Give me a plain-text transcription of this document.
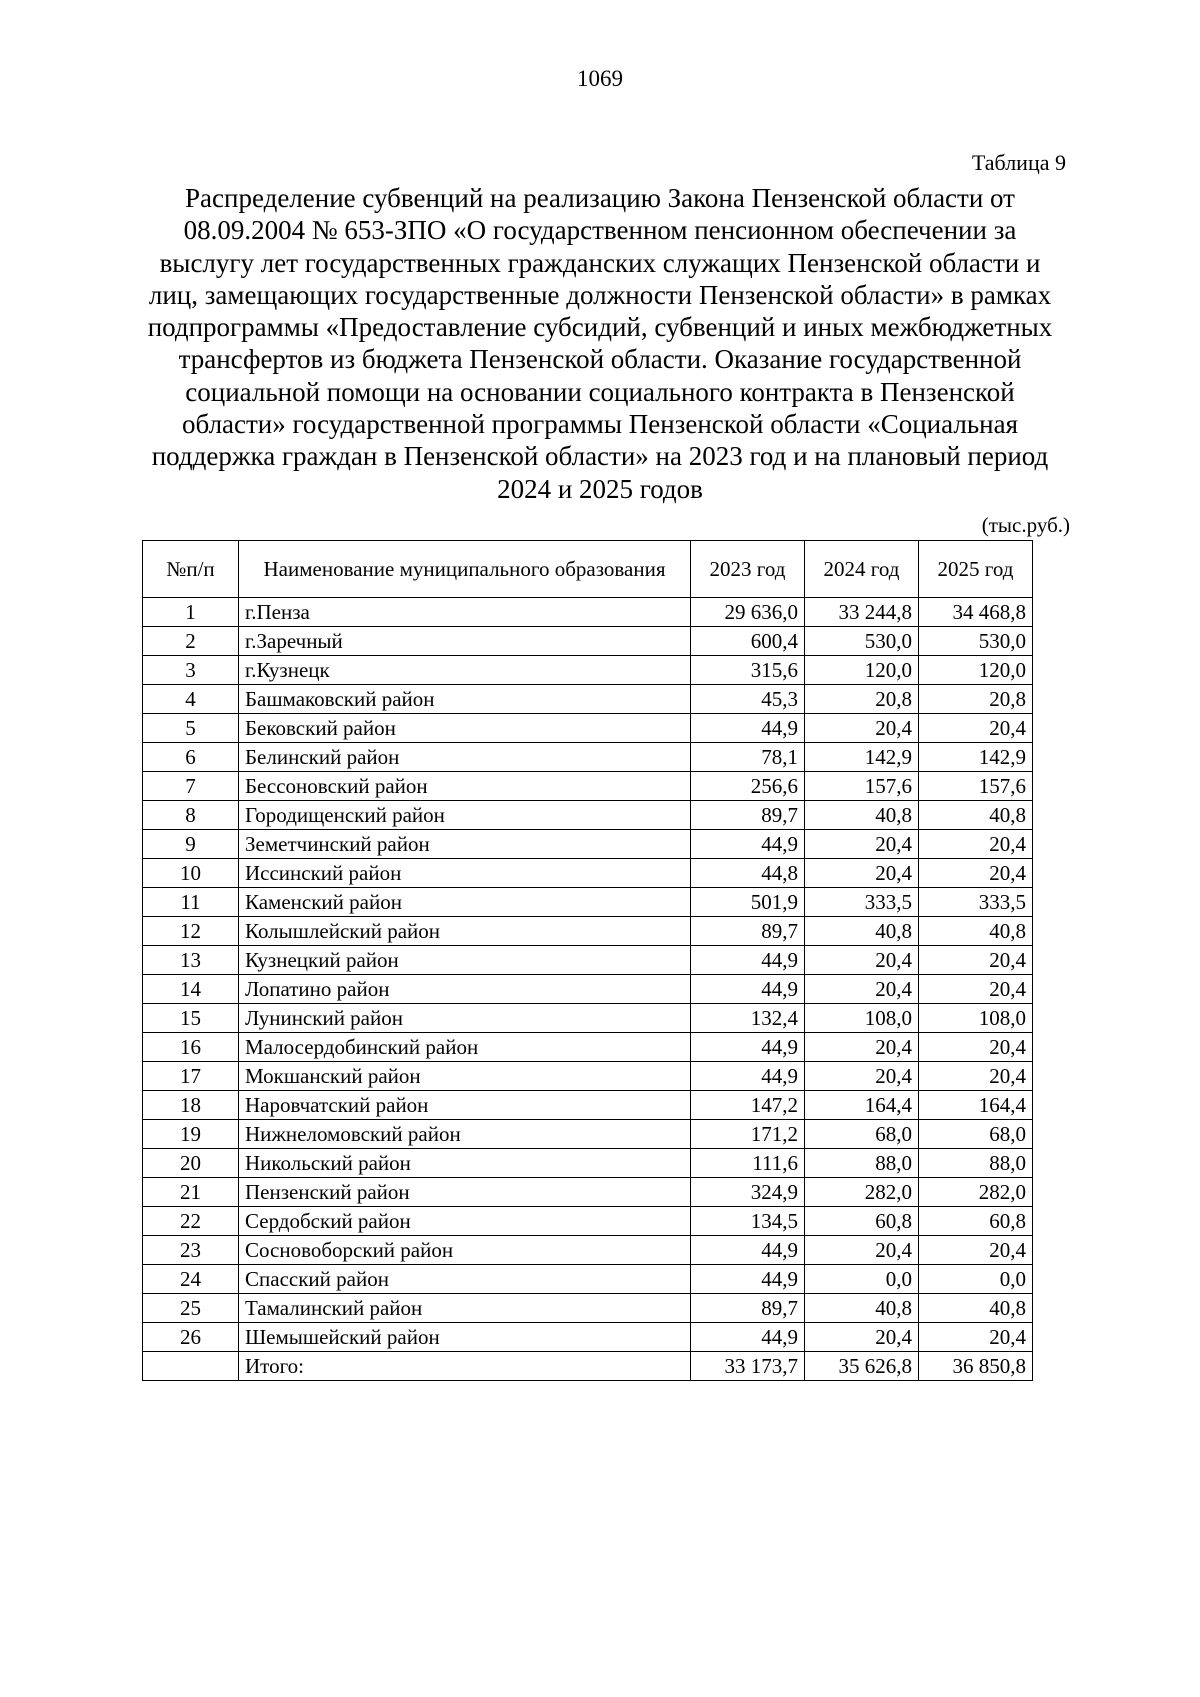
1069
Таблица 9
Распределение субвенций на реализацию Закона Пензенской области от 08.09.2004 № 653-ЗПО «О государственном пенсионном обеспечении за выслугу лет государственных гражданских служащих Пензенской области и лиц, замещающих государственные должности Пензенской области» в рамках подпрограммы «Предоставление субсидий, субвенций и иных межбюджетных трансфертов из бюджета Пензенской области. Оказание государственной социальной помощи на основании социального контракта в Пензенской области» государственной программы Пензенской области «Социальная поддержка граждан в Пензенской области» на 2023 год и на плановый период 2024 и 2025 годов
(тыс.руб.)
№п/п	Наименование муниципального образования	2023 год	2024 год	2025 год
1	г.Пенза	29 636,0	33 244,8	34 468,8
2	г.Заречный	600,4	530,0	530,0
3	г.Кузнецк	315,6	120,0	120,0
4	Башмаковский район	45,3	20,8	20,8
5	Бековский район	44,9	20,4	20,4
6	Белинский район	78,1	142,9	142,9
7	Бессоновский район	256,6	157,6	157,6
8	Городищенский район	89,7	40,8	40,8
9	Земетчинский район	44,9	20,4	20,4
10	Иссинский район	44,8	20,4	20,4
11	Каменский район	501,9	333,5	333,5
12	Колышлейский район	89,7	40,8	40,8
13	Кузнецкий район	44,9	20,4	20,4
14	Лопатино район	44,9	20,4	20,4
15	Лунинский район	132,4	108,0	108,0
16	Малосердобинский район	44,9	20,4	20,4
17	Мокшанский район	44,9	20,4	20,4
18	Наровчатский район	147,2	164,4	164,4
19	Нижнеломовский район	171,2	68,0	68,0
20	Никольский район	111,6	88,0	88,0
21	Пензенский район	324,9	282,0	282,0
22	Сердобский район	134,5	60,8	60,8
23	Сосновоборский район	44,9	20,4	20,4
24	Спасский район	44,9	0,0	0,0
25	Тамалинский район	89,7	40,8	40,8
26	Шемышейский район	44,9	20,4	20,4
	Итого:	33 173,7	35 626,8	36 850,8
